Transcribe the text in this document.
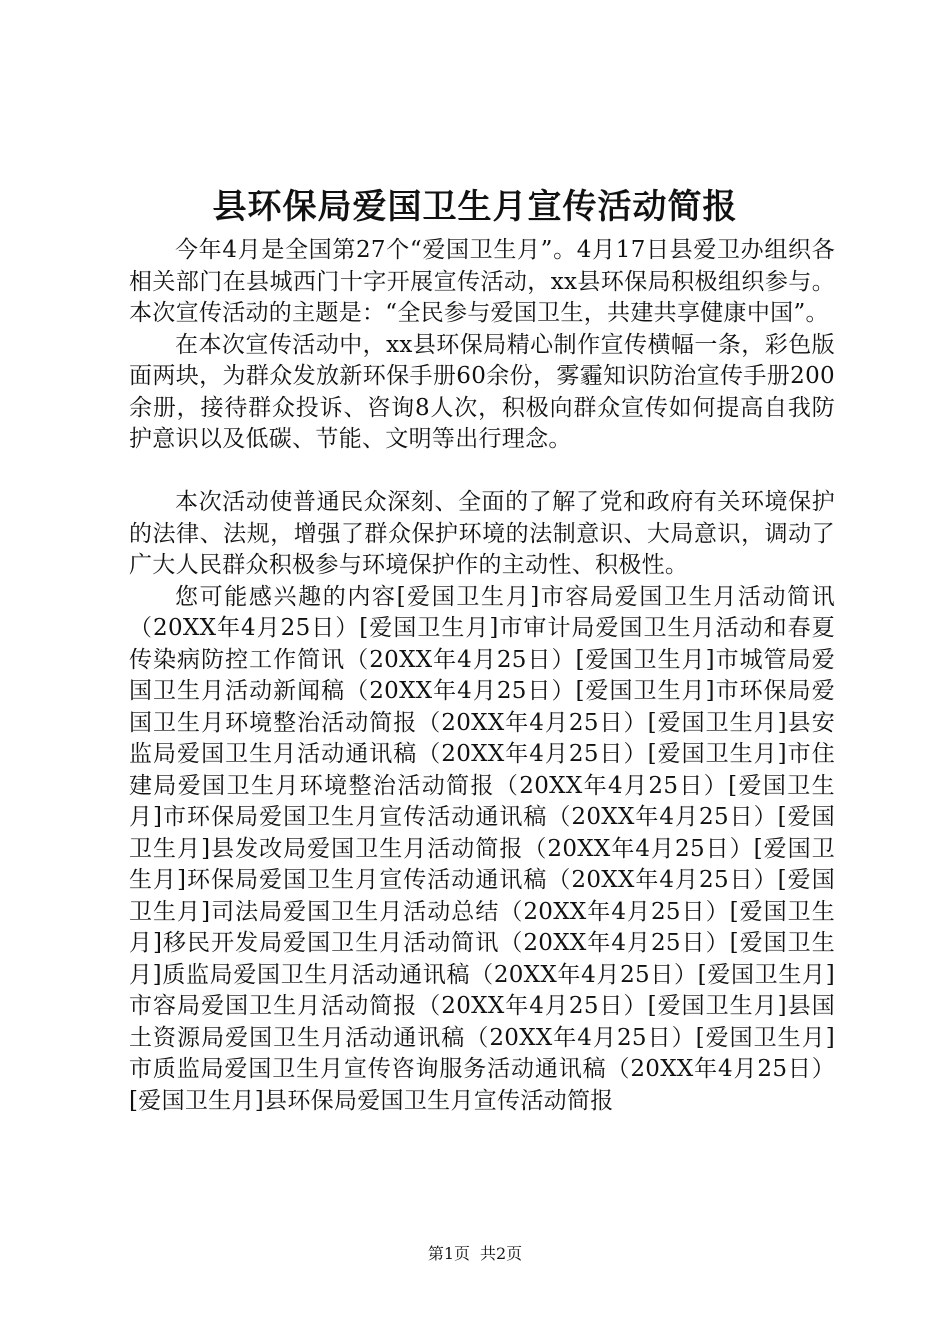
县环保局爱国卫生月宣传活动简报

今年4月是全国第27个“爱国卫生月”。4月17日县爱卫办组织各相关部门在县城西门十字开展宣传活动，xx县环保局积极组织参与。本次宣传活动的主题是：“全民参与爱国卫生，共建共享健康中国”。

在本次宣传活动中，xx县环保局精心制作宣传横幅一条，彩色版面两块，为群众发放新环保手册60余份，雾霾知识防治宣传手册200余册，接待群众投诉、咨询8人次，积极向群众宣传如何提高自我防护意识以及低碳、节能、文明等出行理念。

本次活动使普通民众深刻、全面的了解了党和政府有关环境保护的法律、法规，增强了群众保护环境的法制意识、大局意识，调动了广大人民群众积极参与环境保护作的主动性、积极性。

您可能感兴趣的内容[爱国卫生月]市容局爱国卫生月活动简讯（20XX年4月25日）[爱国卫生月]市审计局爱国卫生月活动和春夏传染病防控工作简讯（20XX年4月25日）[爱国卫生月]市城管局爱国卫生月活动新闻稿（20XX年4月25日）[爱国卫生月]市环保局爱国卫生月环境整治活动简报（20XX年4月25日）[爱国卫生月]县安监局爱国卫生月活动通讯稿（20XX年4月25日）[爱国卫生月]市住建局爱国卫生月环境整治活动简报（20XX年4月25日）[爱国卫生月]市环保局爱国卫生月宣传活动通讯稿（20XX年4月25日）[爱国卫生月]县发改局爱国卫生月活动简报（20XX年4月25日）[爱国卫生月]环保局爱国卫生月宣传活动通讯稿（20XX年4月25日）[爱国卫生月]司法局爱国卫生月活动总结（20XX年4月25日）[爱国卫生月]移民开发局爱国卫生月活动简讯（20XX年4月25日）[爱国卫生月]质监局爱国卫生月活动通讯稿（20XX年4月25日）[爱国卫生月]市容局爱国卫生月活动简报（20XX年4月25日）[爱国卫生月]县国土资源局爱国卫生月活动通讯稿（20XX年4月25日）[爱国卫生月]市质监局爱国卫生月宣传咨询服务活动通讯稿（20XX年4月25日）[爱国卫生月]县环保局爱国卫生月宣传活动简报

第1页 共2页
